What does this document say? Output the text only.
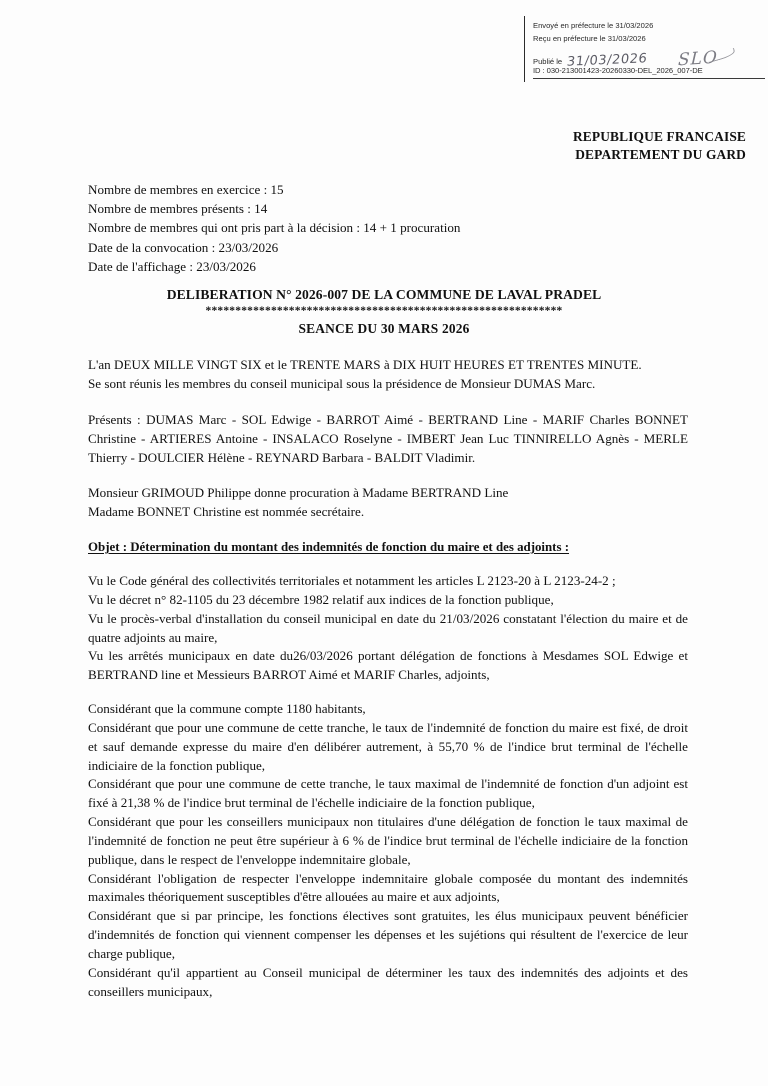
Envoyé en préfecture le 31/03/2026
Reçu en préfecture le 31/03/2026
Publié le 31/03/2026 SLO
ID : 030-213001423-20260330-DEL_2026_007-DE
REPUBLIQUE FRANCAISE
DEPARTEMENT DU GARD
Nombre de membres en exercice : 15
Nombre de membres présents : 14
Nombre de membres qui ont pris part à la décision : 14 + 1 procuration
Date de la convocation : 23/03/2026
Date de l'affichage : 23/03/2026
DELIBERATION N° 2026-007 DE LA COMMUNE DE LAVAL PRADEL
************************************************************
SEANCE DU 30 MARS 2026

L'an DEUX MILLE VINGT SIX et le TRENTE MARS à DIX HUIT HEURES ET TRENTES MINUTE.

Se sont réunis les membres du conseil municipal sous la présidence de Monsieur DUMAS Marc.

Présents : DUMAS Marc - SOL Edwige - BARROT Aimé - BERTRAND Line - MARIF Charles BONNET Christine - ARTIERES Antoine - INSALACO Roselyne - IMBERT Jean Luc TINNIRELLO Agnès - MERLE Thierry - DOULCIER Hélène - REYNARD Barbara - BALDIT Vladimir.

Monsieur GRIMOUD Philippe donne procuration à Madame BERTRAND Line

Madame BONNET Christine est nommée secrétaire.

Objet : Détermination du montant des indemnités de fonction du maire et des adjoints :

Vu le Code général des collectivités territoriales et notamment les articles L 2123-20 à L 2123-24-2 ;

Vu le décret n° 82-1105 du 23 décembre 1982 relatif aux indices de la fonction publique,

Vu le procès-verbal d'installation du conseil municipal en date du 21/03/2026 constatant l'élection du maire et de quatre adjoints au maire,

Vu les arrêtés municipaux en date du26/03/2026 portant délégation de fonctions à Mesdames SOL Edwige et BERTRAND line et Messieurs BARROT Aimé et MARIF Charles, adjoints,

Considérant que la commune compte 1180 habitants,

Considérant que pour une commune de cette tranche, le taux de l'indemnité de fonction du maire est fixé, de droit et sauf demande expresse du maire d'en délibérer autrement, à 55,70 % de l'indice brut terminal de l'échelle indiciaire de la fonction publique,

Considérant que pour une commune de cette tranche, le taux maximal de l'indemnité de fonction d'un adjoint est fixé à 21,38 % de l'indice brut terminal de l'échelle indiciaire de la fonction publique,

Considérant que pour les conseillers municipaux non titulaires d'une délégation de fonction le taux maximal de l'indemnité de fonction ne peut être supérieur à 6 % de l'indice brut terminal de l'échelle indiciaire de la fonction publique, dans le respect de l'enveloppe indemnitaire globale,

Considérant l'obligation de respecter l'enveloppe indemnitaire globale composée du montant des indemnités maximales théoriquement susceptibles d'être allouées au maire et aux adjoints,

Considérant que si par principe, les fonctions électives sont gratuites, les élus municipaux peuvent bénéficier d'indemnités de fonction qui viennent compenser les dépenses et les sujétions qui résultent de l'exercice de leur charge publique,

Considérant qu'il appartient au Conseil municipal de déterminer les taux des indemnités des adjoints et des conseillers municipaux,
